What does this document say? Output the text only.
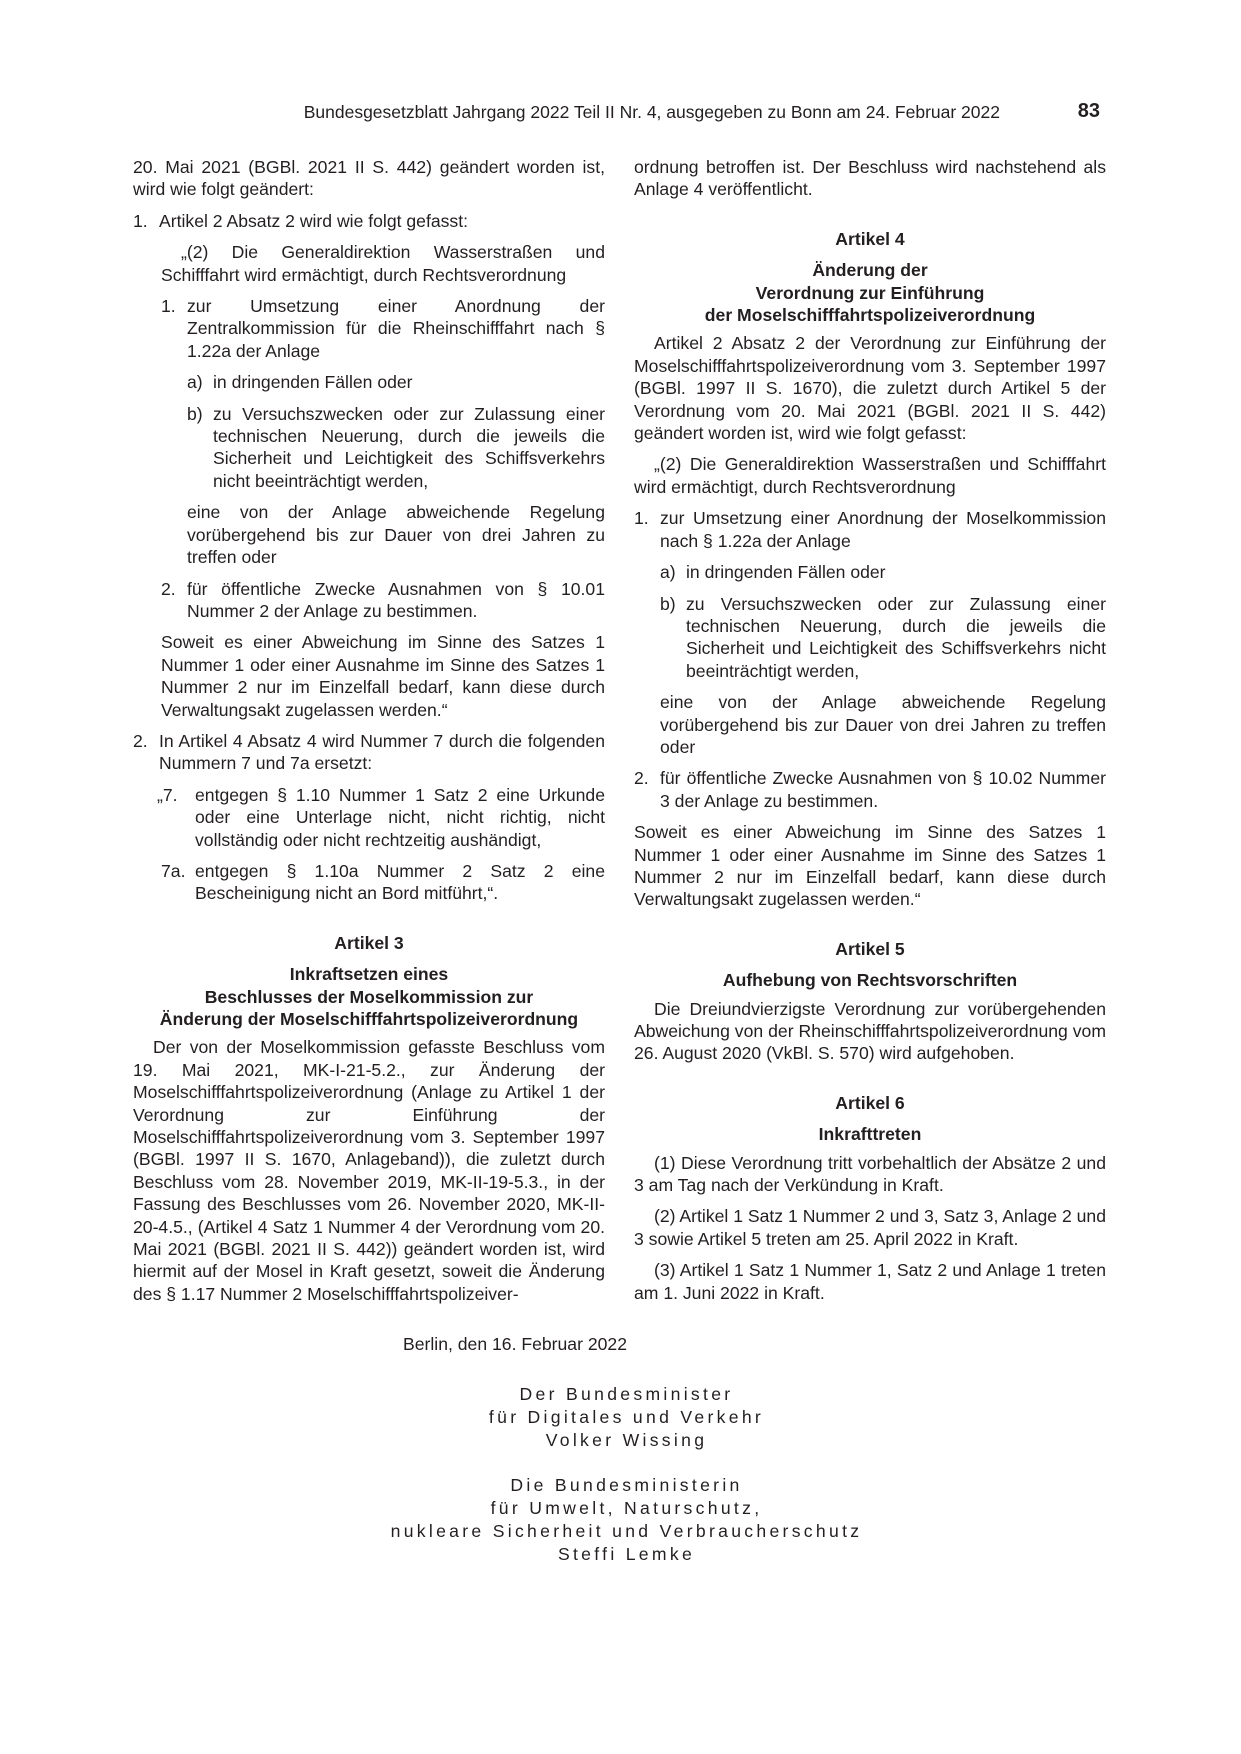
Bundesgesetzblatt Jahrgang 2022 Teil II Nr. 4, ausgegeben zu Bonn am 24. Februar 2022	83

20. Mai 2021 (BGBl. 2021 II S. 442) geändert worden ist, wird wie folgt geändert:

1. Artikel 2 Absatz 2 wird wie folgt gefasst:

„(2) Die Generaldirektion Wasserstraßen und Schifffahrt wird ermächtigt, durch Rechtsverordnung

1. zur Umsetzung einer Anordnung der Zentralkommission für die Rheinschifffahrt nach § 1.22a der Anlage
a) in dringenden Fällen oder
b) zu Versuchszwecken oder zur Zulassung einer technischen Neuerung, durch die jeweils die Sicherheit und Leichtigkeit des Schiffsverkehrs nicht beeinträchtigt werden,

eine von der Anlage abweichende Regelung vorübergehend bis zur Dauer von drei Jahren zu treffen oder

2. für öffentliche Zwecke Ausnahmen von § 10.01 Nummer 2 der Anlage zu bestimmen.

Soweit es einer Abweichung im Sinne des Satzes 1 Nummer 1 oder einer Ausnahme im Sinne des Satzes 1 Nummer 2 nur im Einzelfall bedarf, kann diese durch Verwaltungsakt zugelassen werden.“

2. In Artikel 4 Absatz 4 wird Nummer 7 durch die folgenden Nummern 7 und 7a ersetzt:
„7. entgegen § 1.10 Nummer 1 Satz 2 eine Urkunde oder eine Unterlage nicht, nicht richtig, nicht vollständig oder nicht rechtzeitig aushändigt,
7a. entgegen § 1.10a Nummer 2 Satz 2 eine Bescheinigung nicht an Bord mitführt,“.

Artikel 3

Inkraftsetzen eines

Beschlusses der Moselkommission zur

Änderung der Moselschifffahrtspolizeiverordnung

Der von der Moselkommission gefasste Beschluss vom 19. Mai 2021, MK-I-21-5.2., zur Änderung der Moselschifffahrtspolizeiverordnung (Anlage zu Artikel 1 der Verordnung zur Einführung der Moselschifffahrtspolizeiverordnung vom 3. September 1997 (BGBl. 1997 II S. 1670, Anlageband)), die zuletzt durch Beschluss vom 28. November 2019, MK-II-19-5.3., in der Fassung des Beschlusses vom 26. November 2020, MK-II-20-4.5., (Artikel 4 Satz 1 Nummer 4 der Verordnung vom 20. Mai 2021 (BGBl. 2021 II S. 442)) geändert worden ist, wird hiermit auf der Mosel in Kraft gesetzt, soweit die Änderung des § 1.17 Nummer 2 Moselschifffahrtspolizeiver-

ordnung betroffen ist. Der Beschluss wird nachstehend als Anlage 4 veröffentlicht.

Artikel 4

Änderung der

Verordnung zur Einführung

der Moselschifffahrtspolizeiverordnung

Artikel 2 Absatz 2 der Verordnung zur Einführung der Moselschifffahrtspolizeiverordnung vom 3. September 1997 (BGBl. 1997 II S. 1670), die zuletzt durch Artikel 5 der Verordnung vom 20. Mai 2021 (BGBl. 2021 II S. 442) geändert worden ist, wird wie folgt gefasst:

„(2) Die Generaldirektion Wasserstraßen und Schifffahrt wird ermächtigt, durch Rechtsverordnung

1. zur Umsetzung einer Anordnung der Moselkommission nach § 1.22a der Anlage
a) in dringenden Fällen oder
b) zu Versuchszwecken oder zur Zulassung einer technischen Neuerung, durch die jeweils die Sicherheit und Leichtigkeit des Schiffsverkehrs nicht beeinträchtigt werden,

eine von der Anlage abweichende Regelung vorübergehend bis zur Dauer von drei Jahren zu treffen oder

2. für öffentliche Zwecke Ausnahmen von § 10.02 Nummer 3 der Anlage zu bestimmen.

Soweit es einer Abweichung im Sinne des Satzes 1 Nummer 1 oder einer Ausnahme im Sinne des Satzes 1 Nummer 2 nur im Einzelfall bedarf, kann diese durch Verwaltungsakt zugelassen werden.“

Artikel 5

Aufhebung von Rechtsvorschriften

Die Dreiundvierzigste Verordnung zur vorübergehenden Abweichung von der Rheinschifffahrtspolizeiverordnung vom 26. August 2020 (VkBl. S. 570) wird aufgehoben.

Artikel 6

Inkrafttreten

(1) Diese Verordnung tritt vorbehaltlich der Absätze 2 und 3 am Tag nach der Verkündung in Kraft.

(2) Artikel 1 Satz 1 Nummer 2 und 3, Satz 3, Anlage 2 und 3 sowie Artikel 5 treten am 25. April 2022 in Kraft.

(3) Artikel 1 Satz 1 Nummer 1, Satz 2 und Anlage 1 treten am 1. Juni 2022 in Kraft.

Berlin, den 16. Februar 2022
Der Bundesminister
für Digitales und Verkehr
Volker Wissing
Die Bundesministerin
für Umwelt, Naturschutz,
nukleare Sicherheit und Verbraucherschutz
Steffi Lemke
